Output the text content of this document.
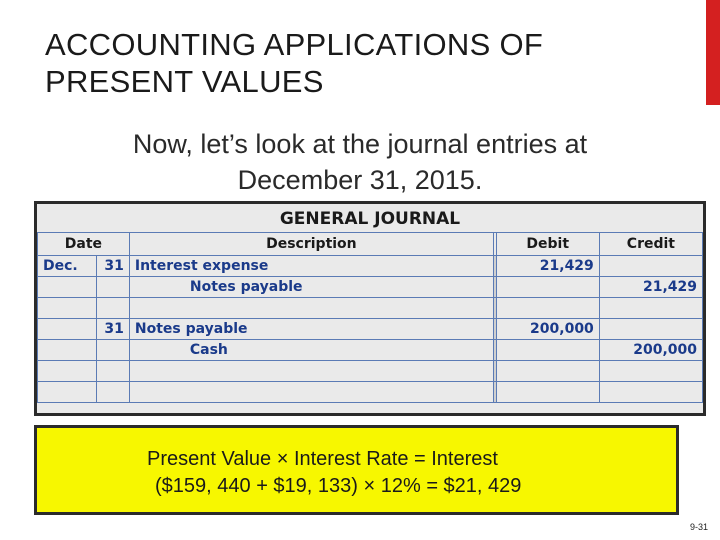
ACCOUNTING APPLICATIONS OF
PRESENT VALUES
Now, let’s look at the journal entries at
December 31, 2015.
GENERAL JOURNAL
Date		Description		Debit	Credit
Dec.	31	Interest expense		21,429	
		Notes payable			21,429

	31	Notes payable		200,000	
		Cash			200,000

Present Value × Interest Rate = Interest
($159, 440 + $19, 133) × 12% = $21, 429
9-31
